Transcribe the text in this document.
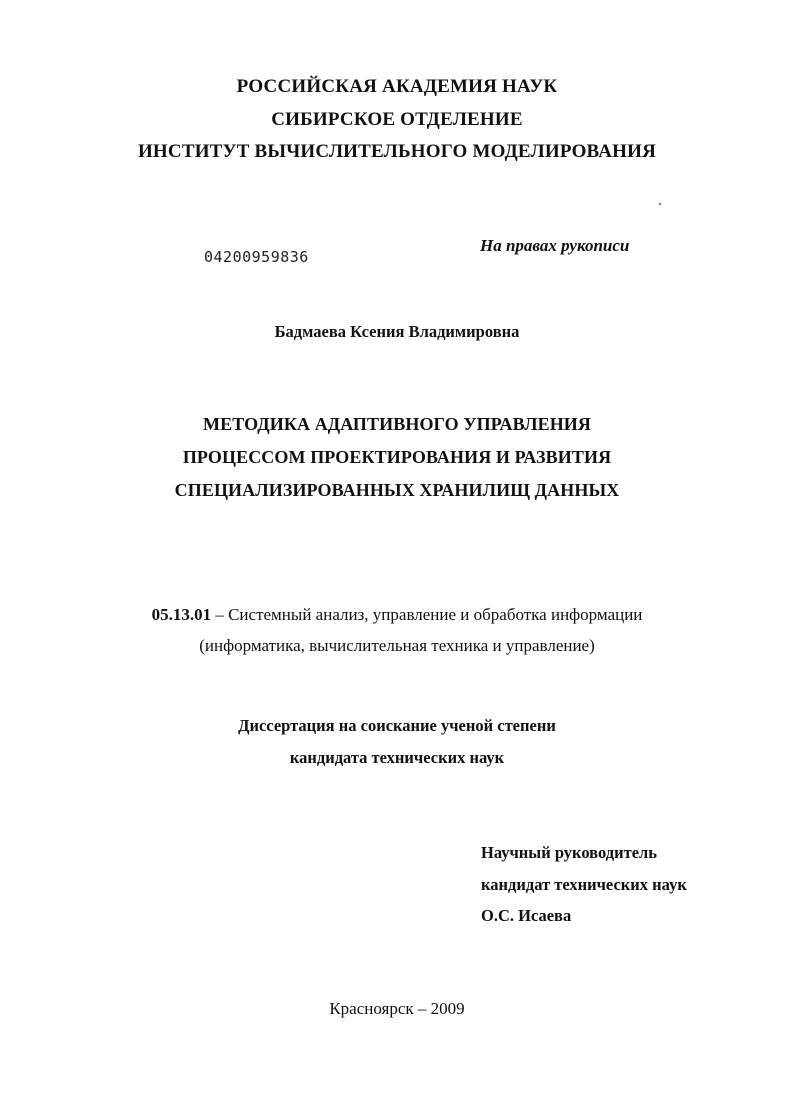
РОССИЙСКАЯ АКАДЕМИЯ НАУК
СИБИРСКОЕ ОТДЕЛЕНИЕ
ИНСТИТУТ ВЫЧИСЛИТЕЛЬНОГО МОДЕЛИРОВАНИЯ
04200959836
На правах рукописи
Бадмаева Ксения Владимировна
МЕТОДИКА АДАПТИВНОГО УПРАВЛЕНИЯ
ПРОЦЕССОМ ПРОЕКТИРОВАНИЯ И РАЗВИТИЯ
СПЕЦИАЛИЗИРОВАННЫХ ХРАНИЛИЩ ДАННЫХ
05.13.01 – Системный анализ, управление и обработка информации
(информатика, вычислительная техника и управление)
Диссертация на соискание ученой степени
кандидата технических наук
Научный руководитель
кандидат технических наук
О.С. Исаева
Красноярск – 2009
